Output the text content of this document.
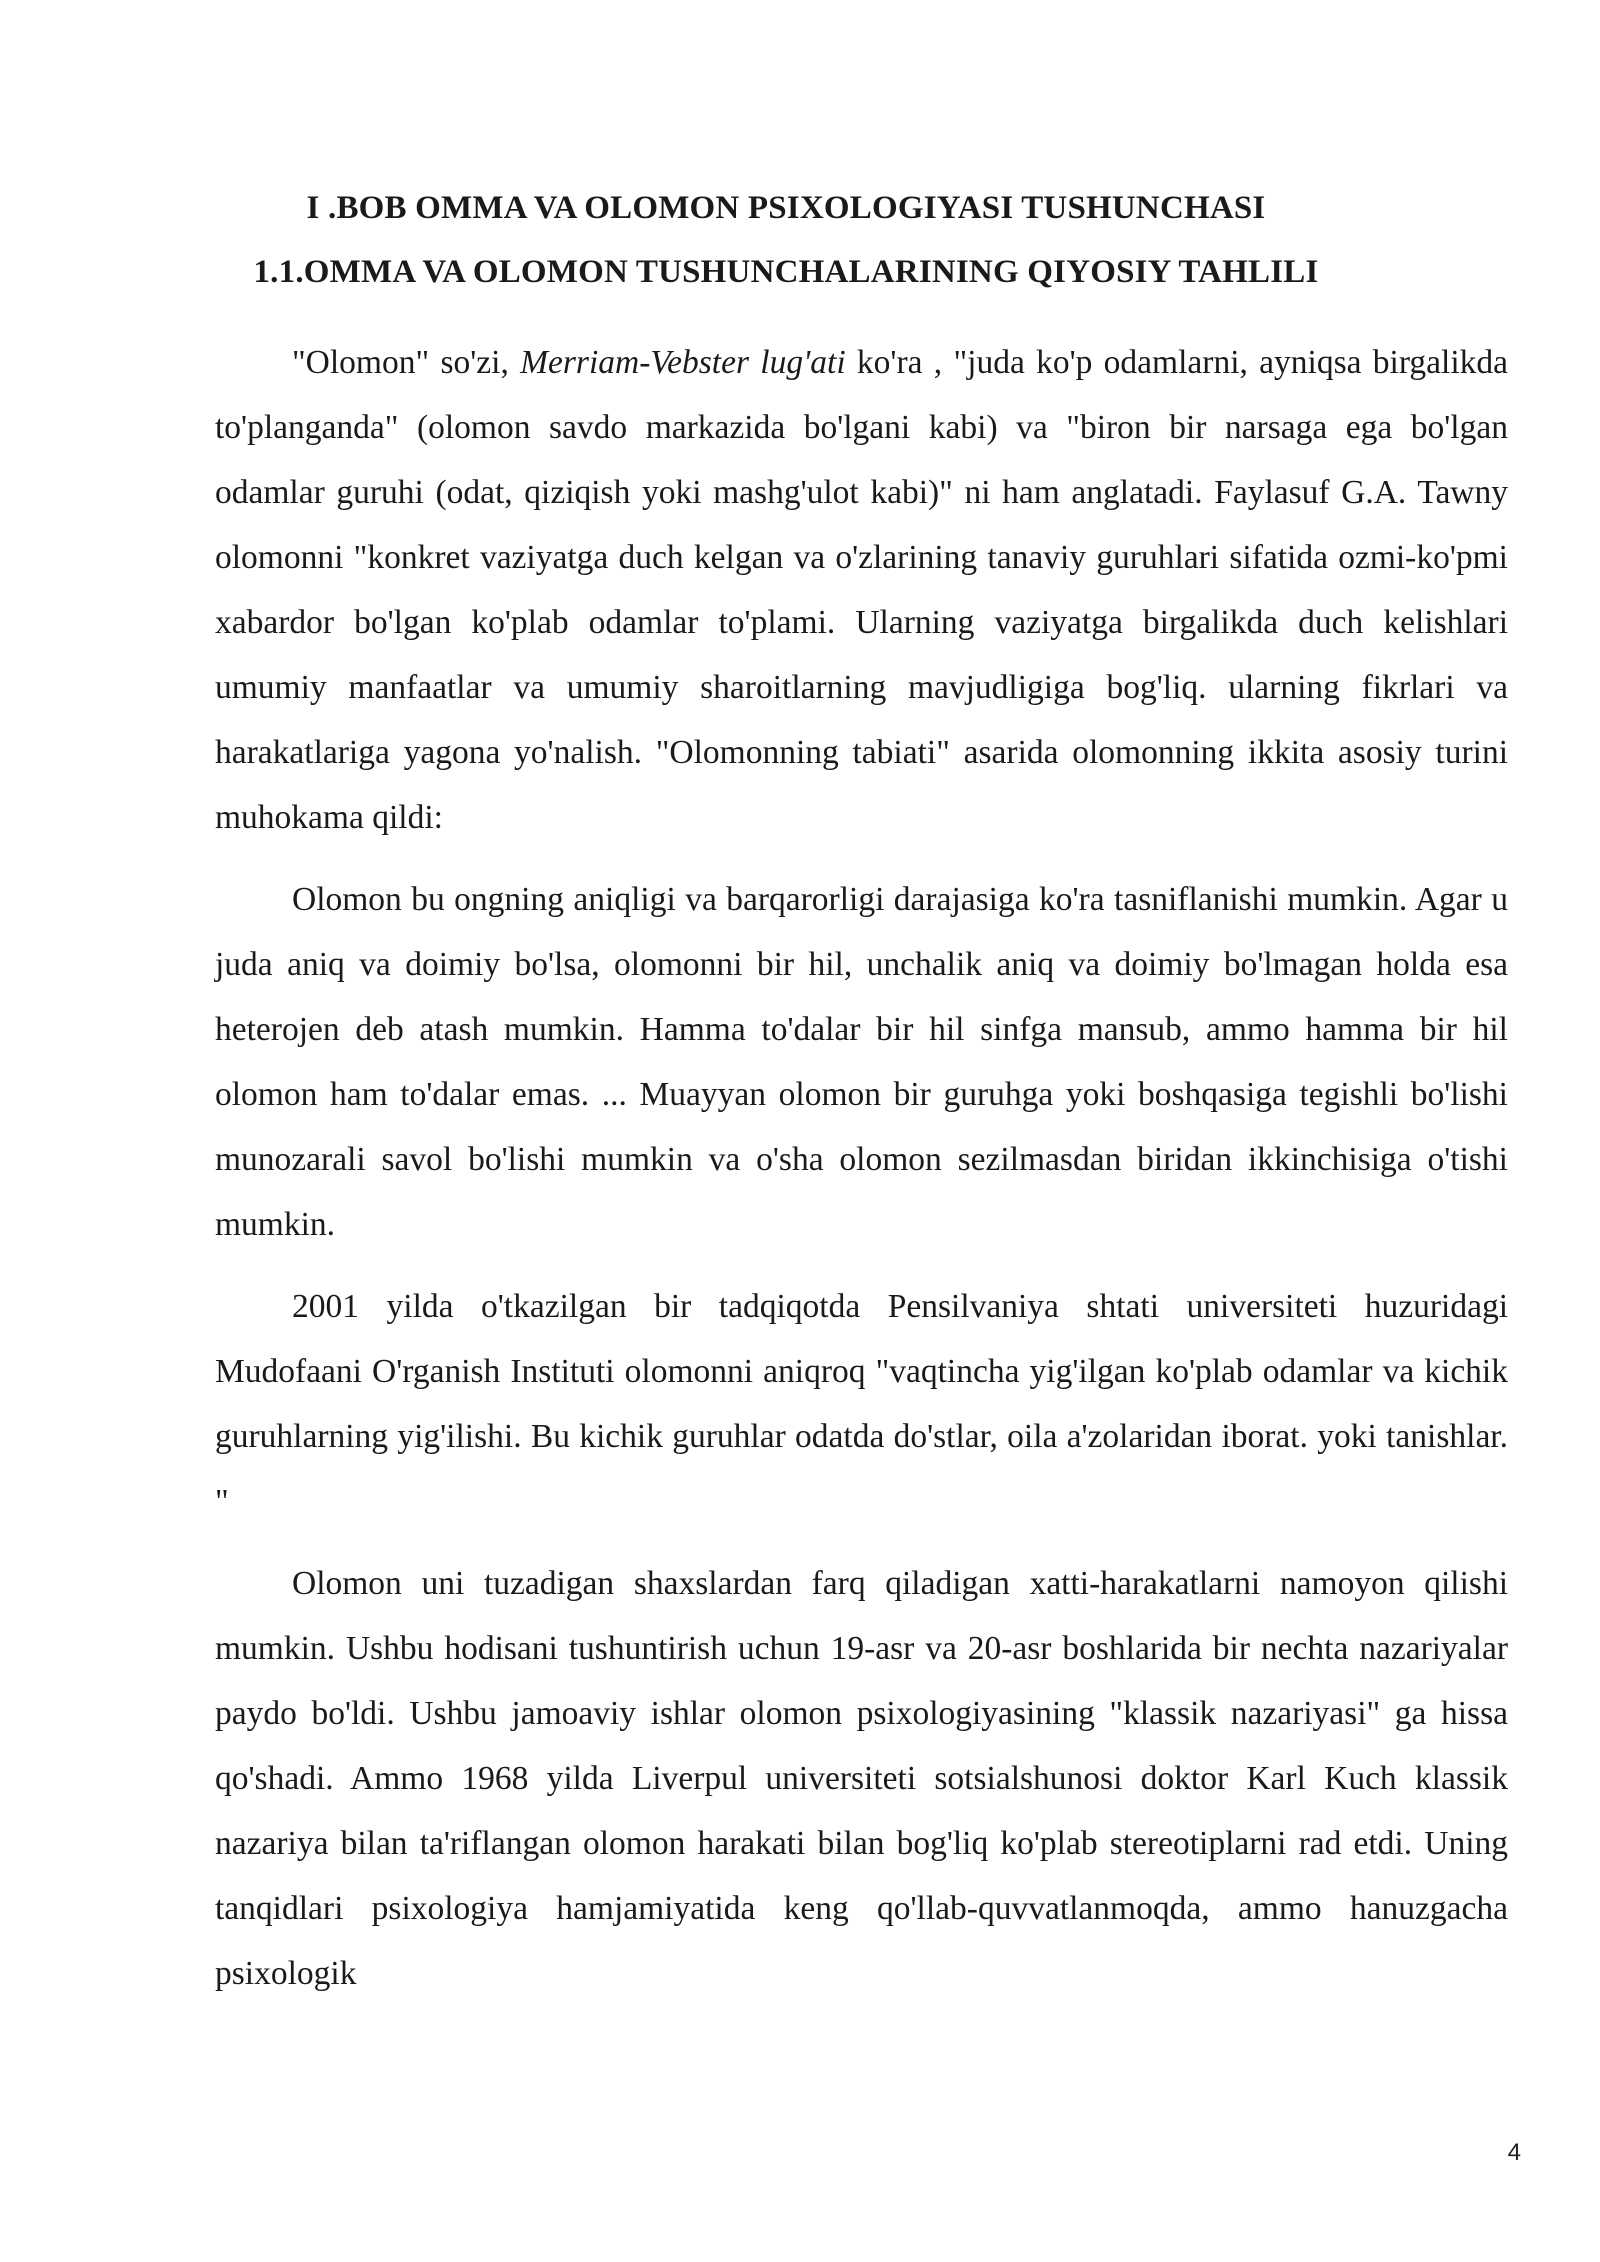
I .BOB OMMA VA OLOMON PSIXOLOGIYASI TUSHUNCHASI
1.1.OMMA VA OLOMON TUSHUNCHALARINING QIYOSIY TAHLILI

"Olomon" so'zi, Merriam-Vebster lug'ati ko'ra , "juda ko'p odamlarni, ayniqsa birgalikda to'planganda" (olomon savdo markazida bo'lgani kabi) va "biron bir narsaga ega bo'lgan odamlar guruhi (odat, qiziqish yoki mashg'ulot kabi)" ni ham anglatadi. Faylasuf G.A. Tawny olomonni "konkret vaziyatga duch kelgan va o'zlarining tanaviy guruhlari sifatida ozmi-ko'pmi xabardor bo'lgan ko'plab odamlar to'plami. Ularning vaziyatga birgalikda duch kelishlari umumiy manfaatlar va umumiy sharoitlarning mavjudligiga bog'liq. ularning fikrlari va harakatlariga yagona yo'nalish. "Olomonning tabiati" asarida olomonning ikkita asosiy turini muhokama qildi:

Olomon bu ongning aniqligi va barqarorligi darajasiga ko'ra tasniflanishi mumkin. Agar u juda aniq va doimiy bo'lsa, olomonni bir hil, unchalik aniq va doimiy bo'lmagan holda esa heterojen deb atash mumkin. Hamma to'dalar bir hil sinfga mansub, ammo hamma bir hil olomon ham to'dalar emas. ... Muayyan olomon bir guruhga yoki boshqasiga tegishli bo'lishi munozarali savol bo'lishi mumkin va o'sha olomon sezilmasdan biridan ikkinchisiga o'tishi mumkin.

2001 yilda o'tkazilgan bir tadqiqotda Pensilvaniya shtati universiteti huzuridagi Mudofaani O'rganish Instituti olomonni aniqroq "vaqtincha yig'ilgan ko'plab odamlar va kichik guruhlarning yig'ilishi. Bu kichik guruhlar odatda do'stlar, oila a'zolaridan iborat. yoki tanishlar. "

Olomon uni tuzadigan shaxslardan farq qiladigan xatti-harakatlarni namoyon qilishi mumkin. Ushbu hodisani tushuntirish uchun 19-asr va 20-asr boshlarida bir nechta nazariyalar paydo bo'ldi. Ushbu jamoaviy ishlar olomon psixologiyasining "klassik nazariyasi" ga hissa qo'shadi. Ammo 1968 yilda Liverpul universiteti sotsialshunosi doktor Karl Kuch klassik nazariya bilan ta'riflangan olomon harakati bilan bog'liq ko'plab stereotiplarni rad etdi. Uning tanqidlari psixologiya hamjamiyatida keng qo'llab-quvvatlanmoqda, ammo hanuzgacha psixologik

4
